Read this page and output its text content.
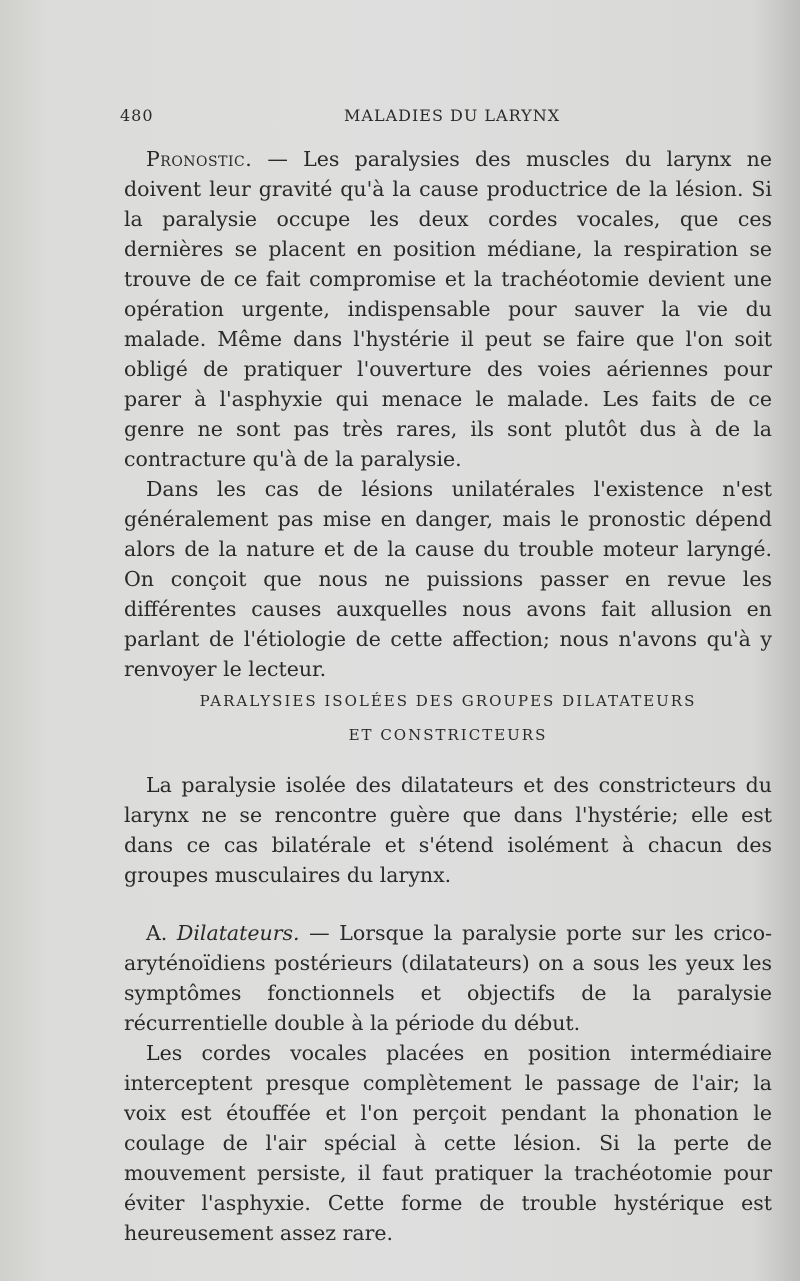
480	MALADIES DU LARYNX

Pronostic. — Les paralysies des muscles du larynx ne doivent leur gravité qu'à la cause productrice de la lésion. Si la paralysie occupe les deux cordes vocales, que ces dernières se placent en position médiane, la respiration se trouve de ce fait compromise et la trachéotomie devient une opération urgente, indispensable pour sauver la vie du malade. Même dans l'hystérie il peut se faire que l'on soit obligé de pratiquer l'ouverture des voies aériennes pour parer à l'asphyxie qui menace le malade. Les faits de ce genre ne sont pas très rares, ils sont plutôt dus à de la contracture qu'à de la paralysie.

Dans les cas de lésions unilatérales l'existence n'est généralement pas mise en danger, mais le pronostic dépend alors de la nature et de la cause du trouble moteur laryngé. On conçoit que nous ne puissions passer en revue les différentes causes auxquelles nous avons fait allusion en parlant de l'étiologie de cette affection; nous n'avons qu'à y renvoyer le lecteur.

PARALYSIES ISOLÉES DES GROUPES DILATATEURS
ET CONSTRICTEURS

La paralysie isolée des dilatateurs et des constricteurs du larynx ne se rencontre guère que dans l'hystérie; elle est dans ce cas bilatérale et s'étend isolément à chacun des groupes musculaires du larynx.

A. Dilatateurs. — Lorsque la paralysie porte sur les crico-aryténoïdiens postérieurs (dilatateurs) on a sous les yeux les symptômes fonctionnels et objectifs de la paralysie récurrentielle double à la période du début.

Les cordes vocales placées en position intermédiaire interceptent presque complètement le passage de l'air; la voix est étouffée et l'on perçoit pendant la phonation le coulage de l'air spécial à cette lésion. Si la perte de mouvement persiste, il faut pratiquer la trachéotomie pour éviter l'asphyxie. Cette forme de trouble hystérique est heureusement assez rare.
